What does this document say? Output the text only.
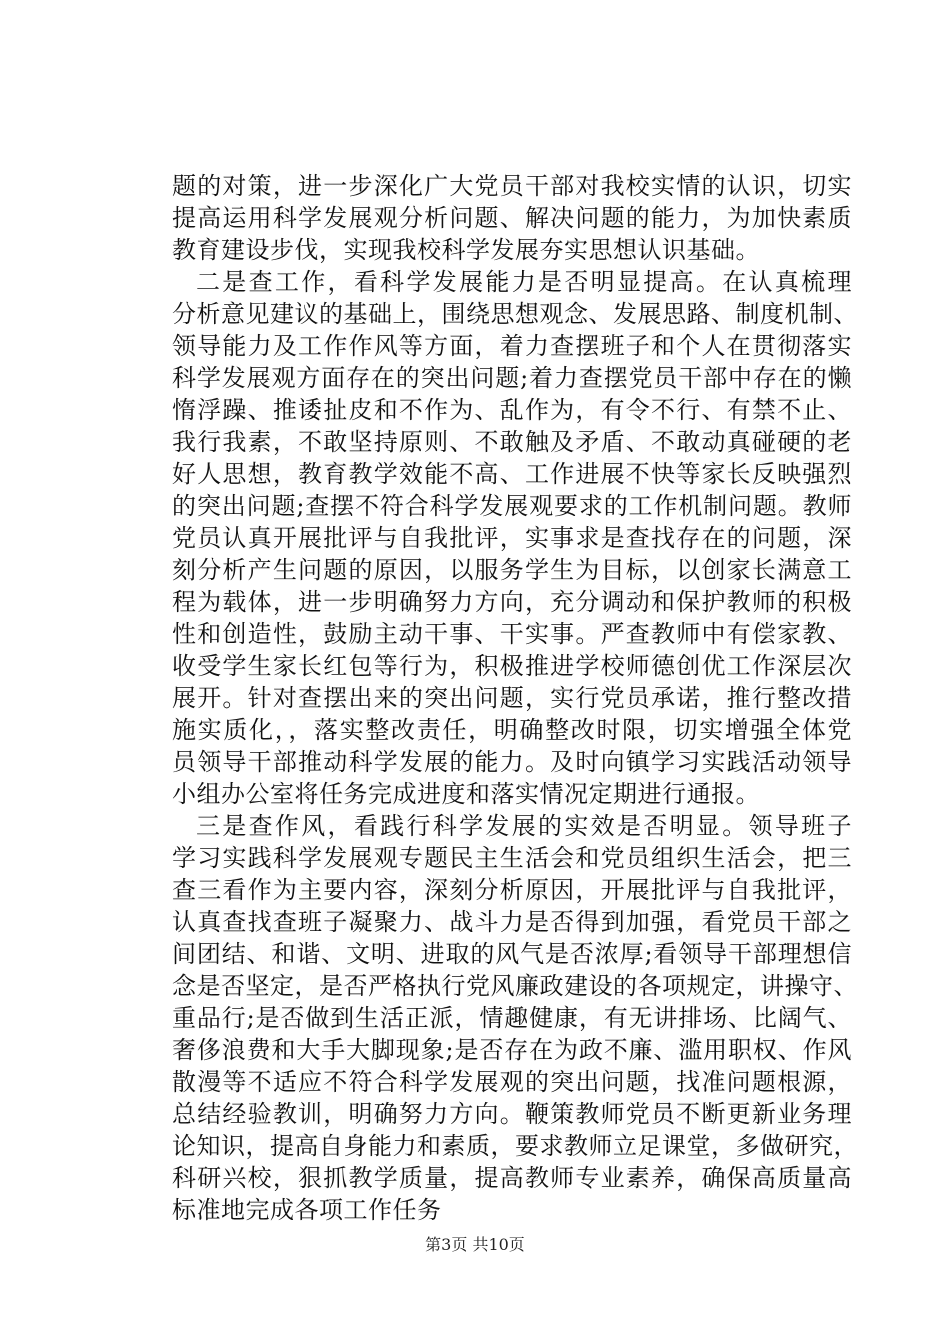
题的对策，进一步深化广大党员干部对我校实情的认识，切实
提高运用科学发展观分析问题、解决问题的能力，为加快素质
教育建设步伐，实现我校科学发展夯实思想认识基础。
二是查工作，看科学发展能力是否明显提高。在认真梳理
分析意见建议的基础上，围绕思想观念、发展思路、制度机制、
领导能力及工作作风等方面，着力查摆班子和个人在贯彻落实
科学发展观方面存在的突出问题;着力查摆党员干部中存在的懒
惰浮躁、推诿扯皮和不作为、乱作为，有令不行、有禁不止、
我行我素，不敢坚持原则、不敢触及矛盾、不敢动真碰硬的老
好人思想，教育教学效能不高、工作进展不快等家长反映强烈
的突出问题;查摆不符合科学发展观要求的工作机制问题。教师
党员认真开展批评与自我批评，实事求是查找存在的问题，深
刻分析产生问题的原因，以服务学生为目标，以创家长满意工
程为载体，进一步明确努力方向，充分调动和保护教师的积极
性和创造性，鼓励主动干事、干实事。严查教师中有偿家教、
收受学生家长红包等行为，积极推进学校师德创优工作深层次
展开。针对查摆出来的突出问题，实行党员承诺，推行整改措
施实质化，，落实整改责任，明确整改时限，切实增强全体党
员领导干部推动科学发展的能力。及时向镇学习实践活动领导
小组办公室将任务完成进度和落实情况定期进行通报。
三是查作风，看践行科学发展的实效是否明显。领导班子
学习实践科学发展观专题民主生活会和党员组织生活会，把三
查三看作为主要内容，深刻分析原因，开展批评与自我批评，
认真查找查班子凝聚力、战斗力是否得到加强，看党员干部之
间团结、和谐、文明、进取的风气是否浓厚;看领导干部理想信
念是否坚定，是否严格执行党风廉政建设的各项规定，讲操守、
重品行;是否做到生活正派，情趣健康，有无讲排场、比阔气、
奢侈浪费和大手大脚现象;是否存在为政不廉、滥用职权、作风
散漫等不适应不符合科学发展观的突出问题，找准问题根源，
总结经验教训，明确努力方向。鞭策教师党员不断更新业务理
论知识，提高自身能力和素质，要求教师立足课堂，多做研究，
科研兴校，狠抓教学质量，提高教师专业素养，确保高质量高
标准地完成各项工作任务
第3页 共10页
